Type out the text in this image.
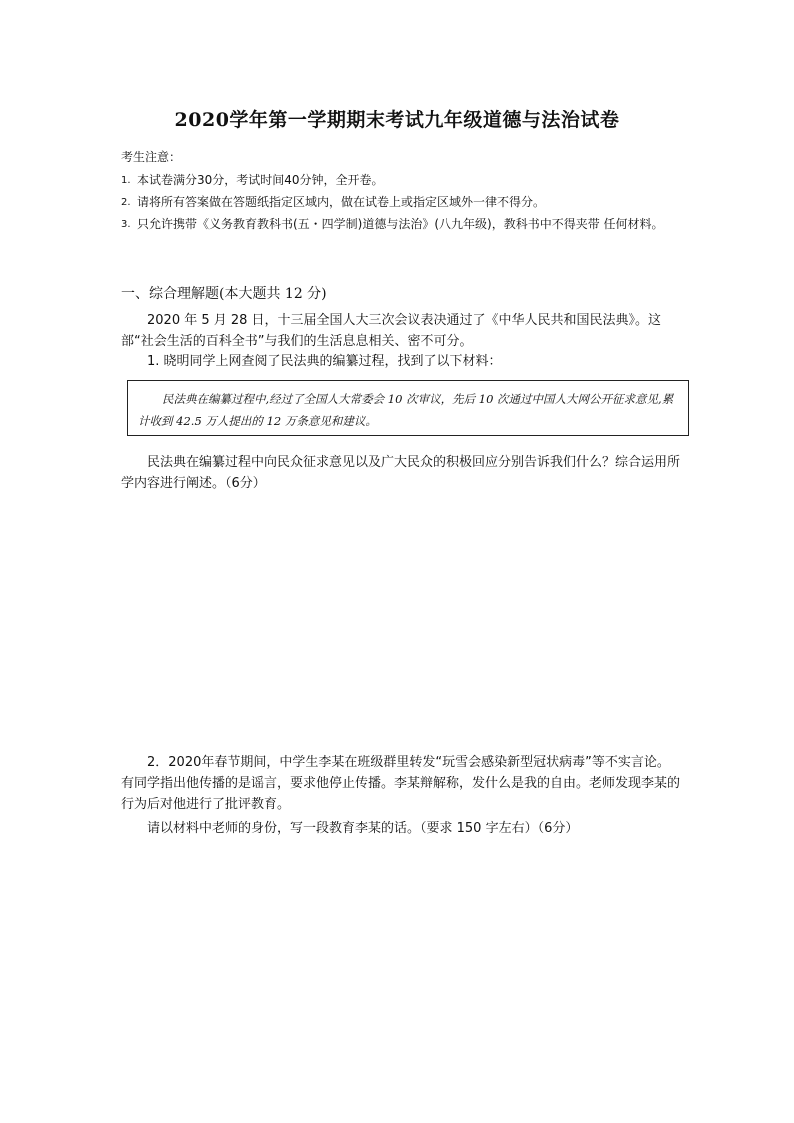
2020学年第一学期期末考试九年级道德与法治试卷
考生注意：
1. 本试卷满分30分，考试时间40分钟，全开卷。
2. 请将所有答案做在答题纸指定区域内，做在试卷上或指定区域外一律不得分。
3. 只允许携带《义务教育教科书(五・四学制)道德与法治》(八九年级)，教科书中不得夹带 任何材料。
一、综合理解题(本大题共 12 分)
2020 年 5 月 28 日，十三届全国人大三次会议表决通过了《中华人民共和国民法典》。这部“社会生活的百科全书”与我们的生活息息相关、密不可分。
1. 晓明同学上网查阅了民法典的编纂过程，找到了以下材料：
民法典在编纂过程中,经过了全国人大常委会 10 次审议，先后 10 次通过中国人大网公开征求意见,累计收到 42.5 万人提出的 12 万条意见和建议。
民法典在编纂过程中向民众征求意见以及广大民众的积极回应分别告诉我们什么？综合运用所学内容进行阐述。（6分）
2．2020年春节期间，中学生李某在班级群里转发“玩雪会感染新型冠状病毒”等不实言论。有同学指出他传播的是谣言，要求他停止传播。李某辩解称，发什么是我的自由。老师发现李某的行为后对他进行了批评教育。
请以材料中老师的身份，写一段教育李某的话。（要求 150 字左右）（6分）
